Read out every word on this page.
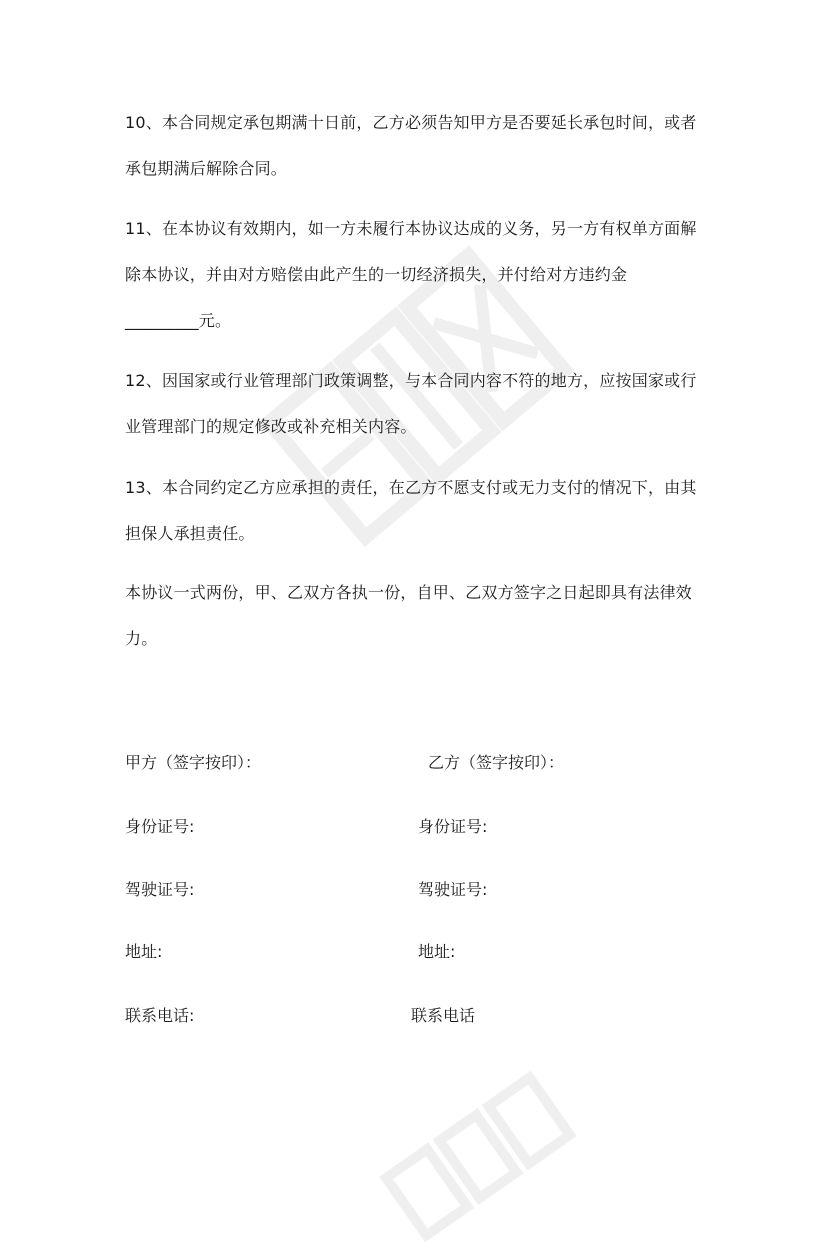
10、本合同规定承包期满十日前，乙方必须告知甲方是否要延长承包时间，或者
承包期满后解除合同。

11、在本协议有效期内，如一方未履行本协议达成的义务，另一方有权单方面解
除本协议，并由对方赔偿由此产生的一切经济损失，并付给对方违约金
_________元。

12、因国家或行业管理部门政策调整，与本合同内容不符的地方，应按国家或行
业管理部门的规定修改或补充相关内容。

13、本合同约定乙方应承担的责任，在乙方不愿支付或无力支付的情况下，由其
担保人承担责任。

本协议一式两份，甲、乙双方各执一份，自甲、乙双方签字之日起即具有法律效
力。

甲方（签字按印）：
身份证号:
驾驶证号:
地址:
联系电话:
乙方（签字按印）：
身份证号:
驾驶证号:
地址:
联系电话
